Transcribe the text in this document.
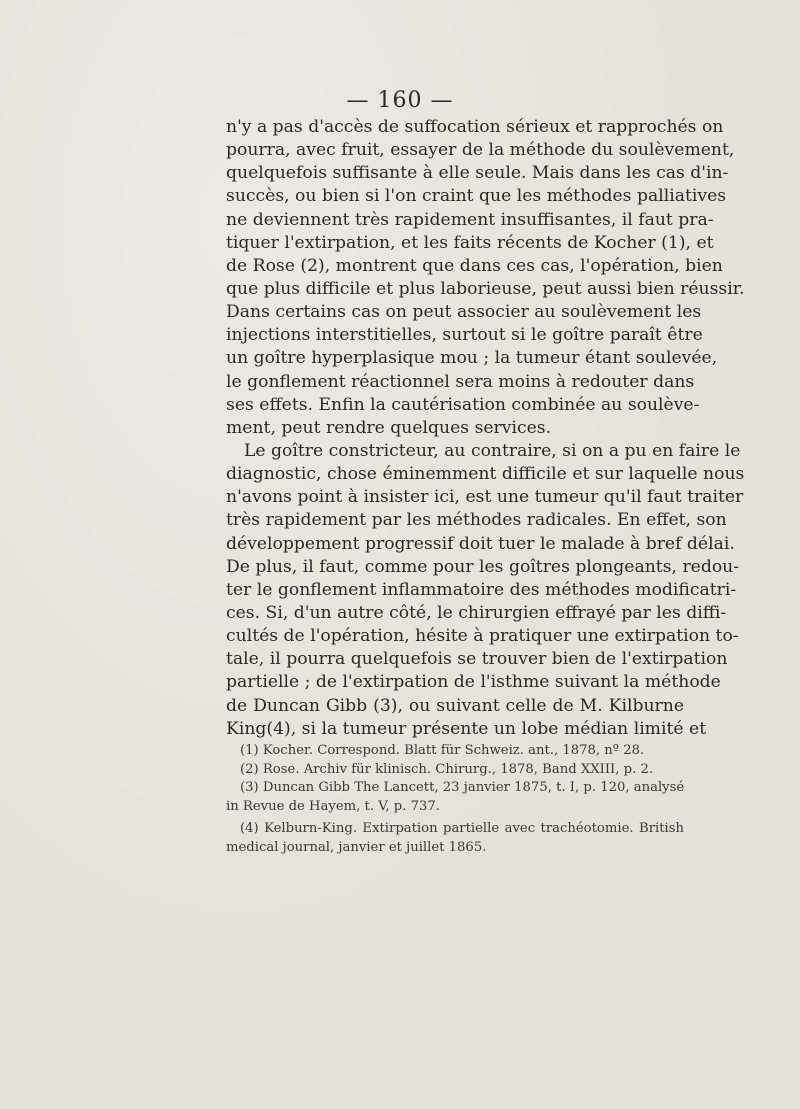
— 160 —
n'y a pas d'accès de suffocation sérieux et rapprochés on
pourra, avec fruit, essayer de la méthode du soulèvement,
quelquefois suffisante à elle seule. Mais dans les cas d'in-
succès, ou bien si l'on craint que les méthodes palliatives
ne deviennent très rapidement insuffisantes, il faut pra-
tiquer l'extirpation, et les faits récents de Kocher (1), et
de Rose (2), montrent que dans ces cas, l'opération, bien
que plus difficile et plus laborieuse, peut aussi bien réussir.
Dans certains cas on peut associer au soulèvement les
injections interstitielles, surtout si le goître paraît être
un goître hyperplasique mou ; la tumeur étant soulevée,
le gonflement réactionnel sera moins à redouter dans
ses effets. Enfin la cautérisation combinée au soulève-
ment, peut rendre quelques services.
Le goître constricteur, au contraire, si on a pu en faire le
diagnostic, chose éminemment difficile et sur laquelle nous
n'avons point à insister ici, est une tumeur qu'il faut traiter
très rapidement par les méthodes radicales. En effet, son
développement progressif doit tuer le malade à bref délai.
De plus, il faut, comme pour les goîtres plongeants, redou-
ter le gonflement inflammatoire des méthodes modificatri-
ces. Si, d'un autre côté, le chirurgien effrayé par les diffi-
cultés de l'opération, hésite à pratiquer une extirpation to-
tale, il pourra quelquefois se trouver bien de l'extirpation
partielle ; de l'extirpation de l'isthme suivant la méthode
de Duncan Gibb (3), ou suivant celle de M. Kilburne
King(4), si la tumeur présente un lobe médian limité et
(1) Kocher. Correspond. Blatt für Schweiz. ant., 1878, nº 28.
(2) Rose. Archiv für klinisch. Chirurg., 1878, Band XXIII, p. 2.
(3) Duncan Gibb The Lancett, 23 janvier 1875, t. I, p. 120, analysé
in Revue de Hayem, t. V, p. 737.
(4) Kelburn-King. Extirpation partielle avec trachéotomie. British
medical journal, janvier et juillet 1865.
